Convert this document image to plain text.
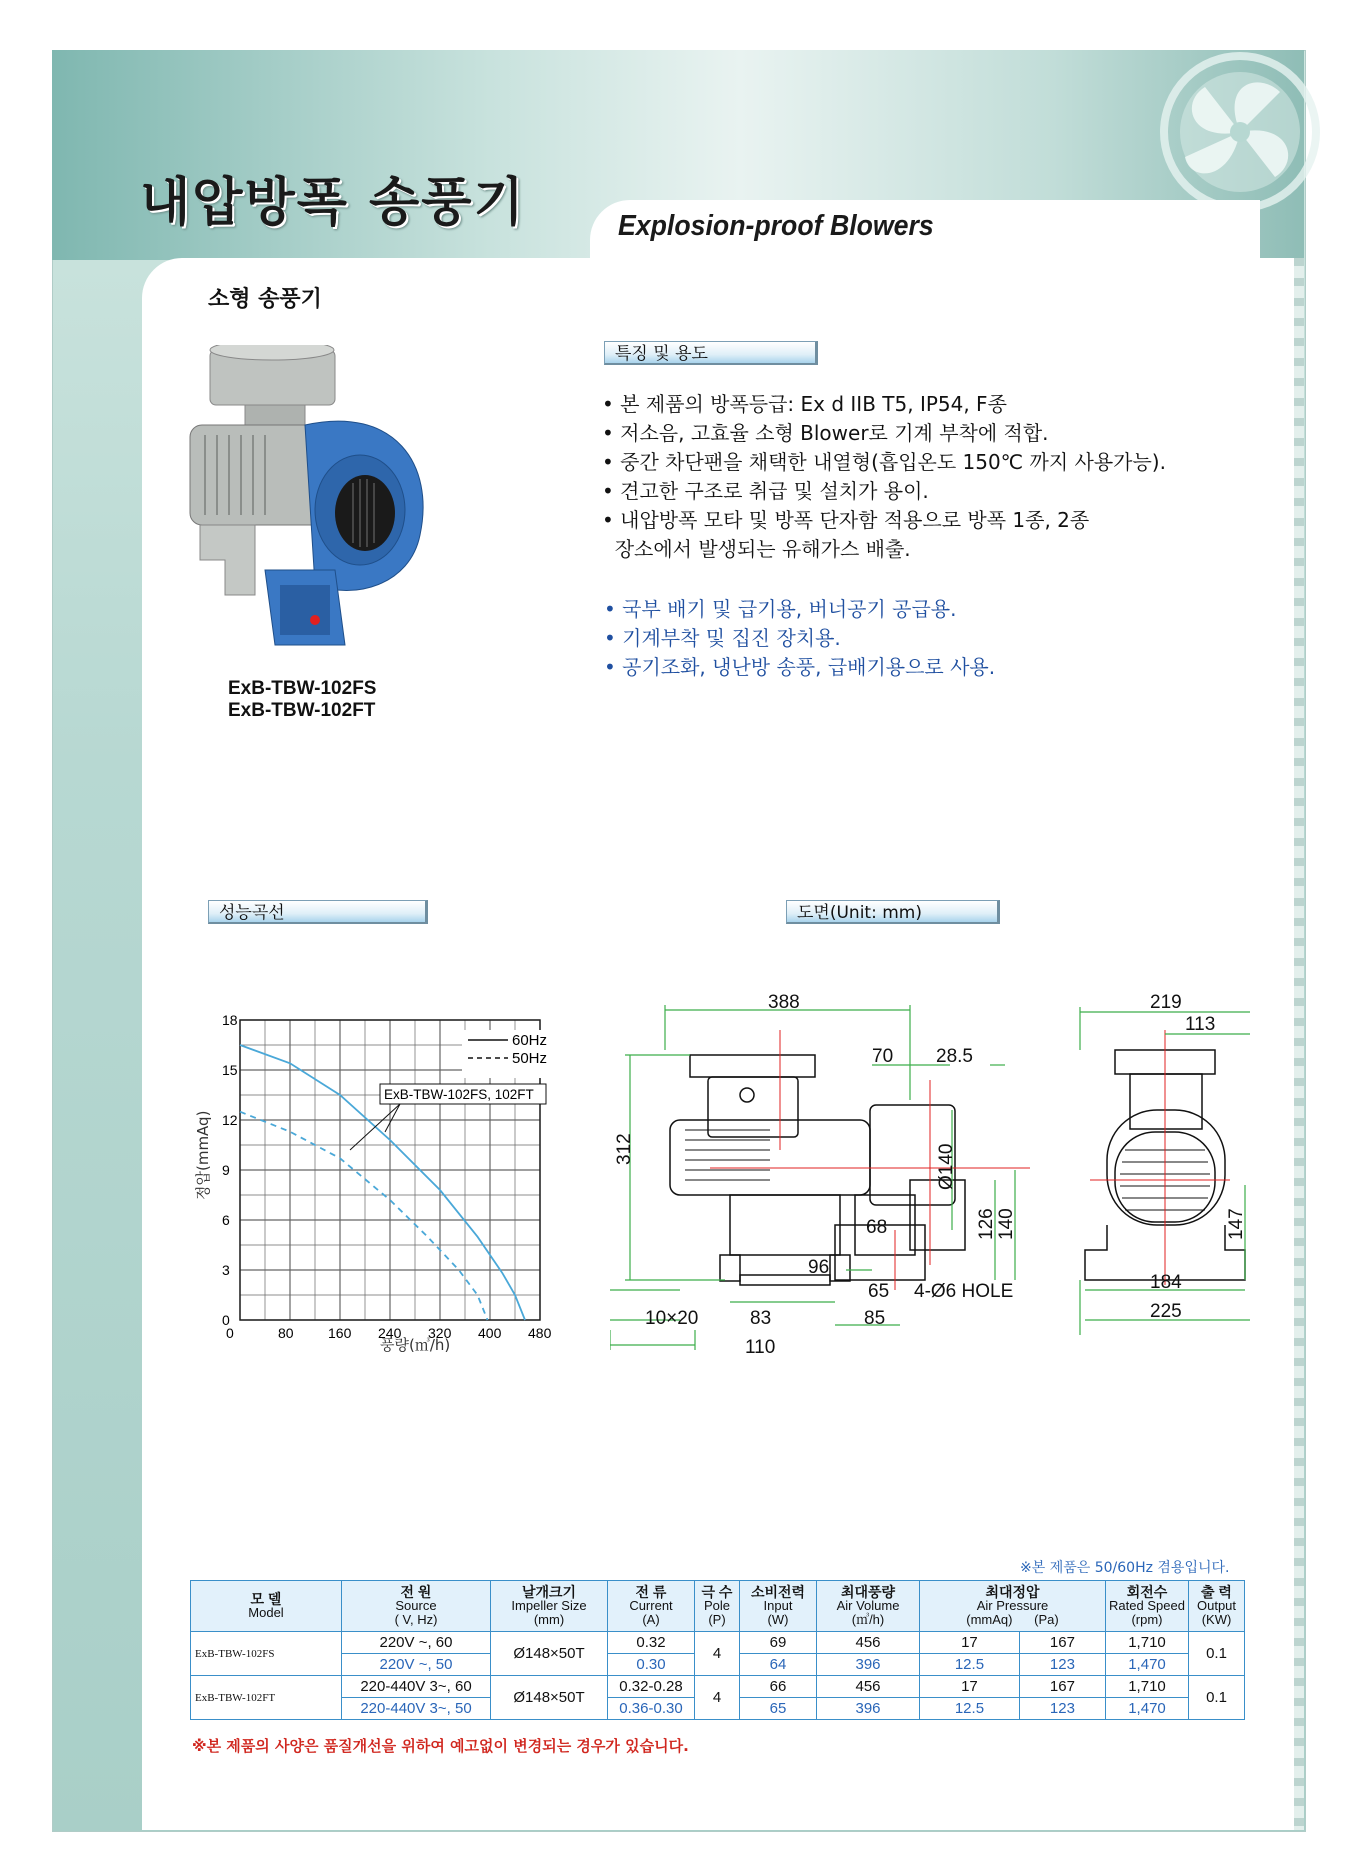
내압방폭 송풍기	Explosion-proof Blowers
소형 송풍기
ExB-TBW-102FS
ExB-TBW-102FT
특징 및 용도
• 본 제품의 방폭등급: Ex d IIB T5, IP54, F종
• 저소음, 고효율 소형 Blower로 기계 부착에 적합.
• 중간 차단팬을 채택한 내열형(흡입온도 150℃ 까지 사용가능).
• 견고한 구조로 취급 및 설치가 용이.
• 내압방폭 모타 및 방폭 단자함 적용으로 방폭 1종, 2종
장소에서 발생되는 유해가스 배출.
• 국부 배기 및 급기용, 버너공기 공급용.
• 기계부착 및 집진 장치용.
• 공기조화, 냉난방 송풍, 급배기용으로 사용.
성능곡선	도면(Unit: mm)
0	80 160 240 320 400 480
0
3
6
9
12
15
18
정압(mmAq)
풍량(㎥/h)
60Hz
50Hz
ExB-TBW-102FS, 102FT
388
70 28.5
312	Ø140
126 140
68
96
65 4-Ø6 HOLE
10×20	83	85
110
219
113
147
184
225
※본 제품은 50/60Hz 겸용입니다.
모 델
Model	전 원
Source
( V, Hz)	날개크기
Impeller Size
(mm)	전 류
Current
(A)	극 수
Pole
(P)	소비전력
Input
(W)	최대풍량
Air Volume
(㎥/h)	최대정압
Air Pressure
(mmAq) (Pa)		회전수
Rated Speed
(rpm)	출 력
Output
(KW)

ExB-TBW-102FS	220V ~, 60	Ø148×50T	0.32	4	69	456	17	167	1,710	0.1
	220V ~, 50		0.30		64	396	12.5	123	1,470	
ExB-TBW-102FT	220-440V 3~, 60	Ø148×50T	0.32-0.28	4	66	456	17	167	1,710	0.1
	220-440V 3~, 50		0.36-0.30		65	396	12.5	123	1,470	
※본 제품의 사양은 품질개선을 위하여 예고없이 변경되는 경우가 있습니다.
